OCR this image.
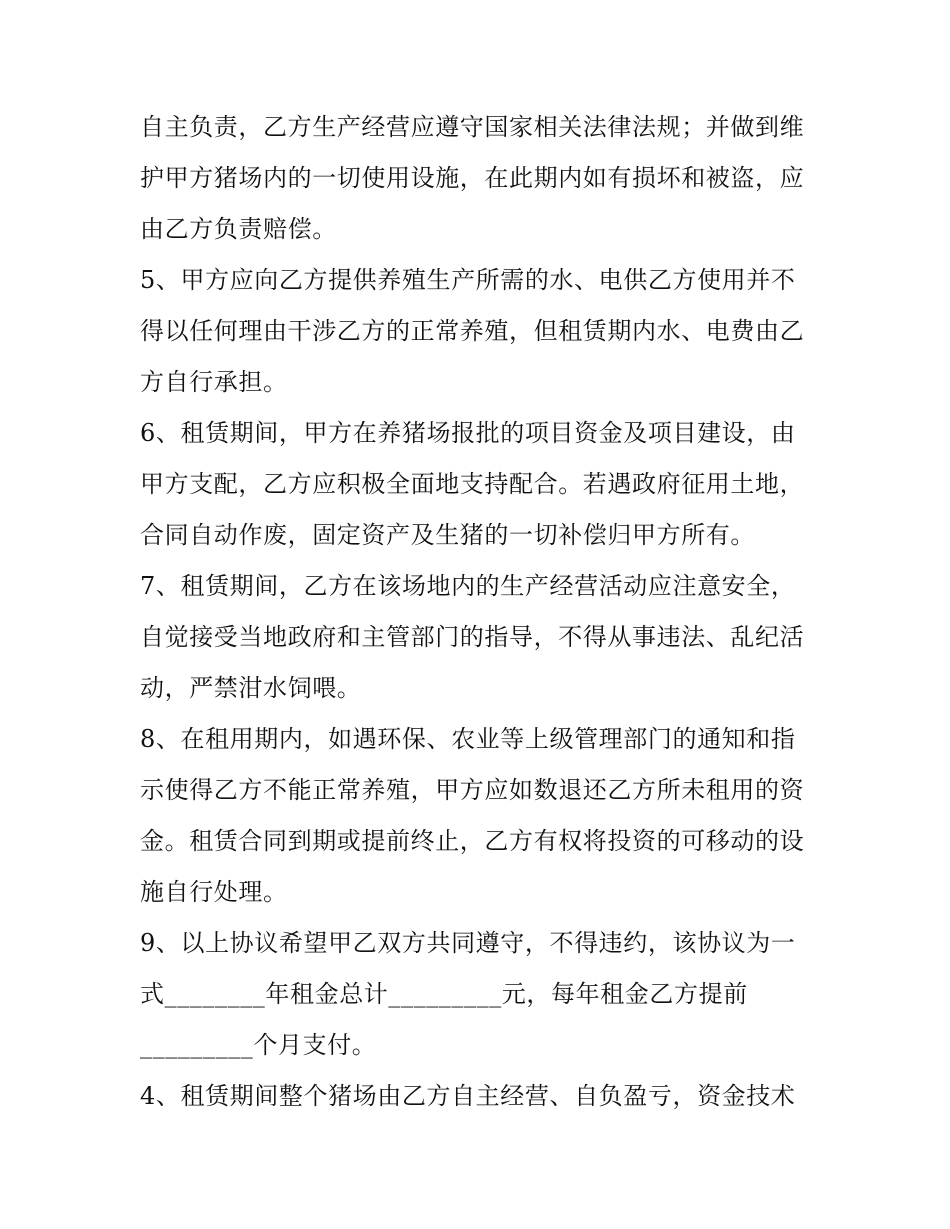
自主负责，乙方生产经营应遵守国家相关法律法规；并做到维
护甲方猪场内的一切使用设施，在此期内如有损坏和被盗，应
由乙方负责赔偿。
5、甲方应向乙方提供养殖生产所需的水、电供乙方使用并不
得以任何理由干涉乙方的正常养殖，但租赁期内水、电费由乙
方自行承担。
6、租赁期间，甲方在养猪场报批的项目资金及项目建设，由
甲方支配，乙方应积极全面地支持配合。若遇政府征用土地，
合同自动作废，固定资产及生猪的一切补偿归甲方所有。
7、租赁期间，乙方在该场地内的生产经营活动应注意安全，
自觉接受当地政府和主管部门的指导，不得从事违法、乱纪活
动，严禁泔水饲喂。
8、在租用期内，如遇环保、农业等上级管理部门的通知和指
示使得乙方不能正常养殖，甲方应如数退还乙方所未租用的资
金。租赁合同到期或提前终止，乙方有权将投资的可移动的设
施自行处理。
9、以上协议希望甲乙双方共同遵守，不得违约，该协议为一
式________年租金总计_________元，每年租金乙方提前
_________个月支付。
4、租赁期间整个猪场由乙方自主经营、自负盈亏，资金技术
